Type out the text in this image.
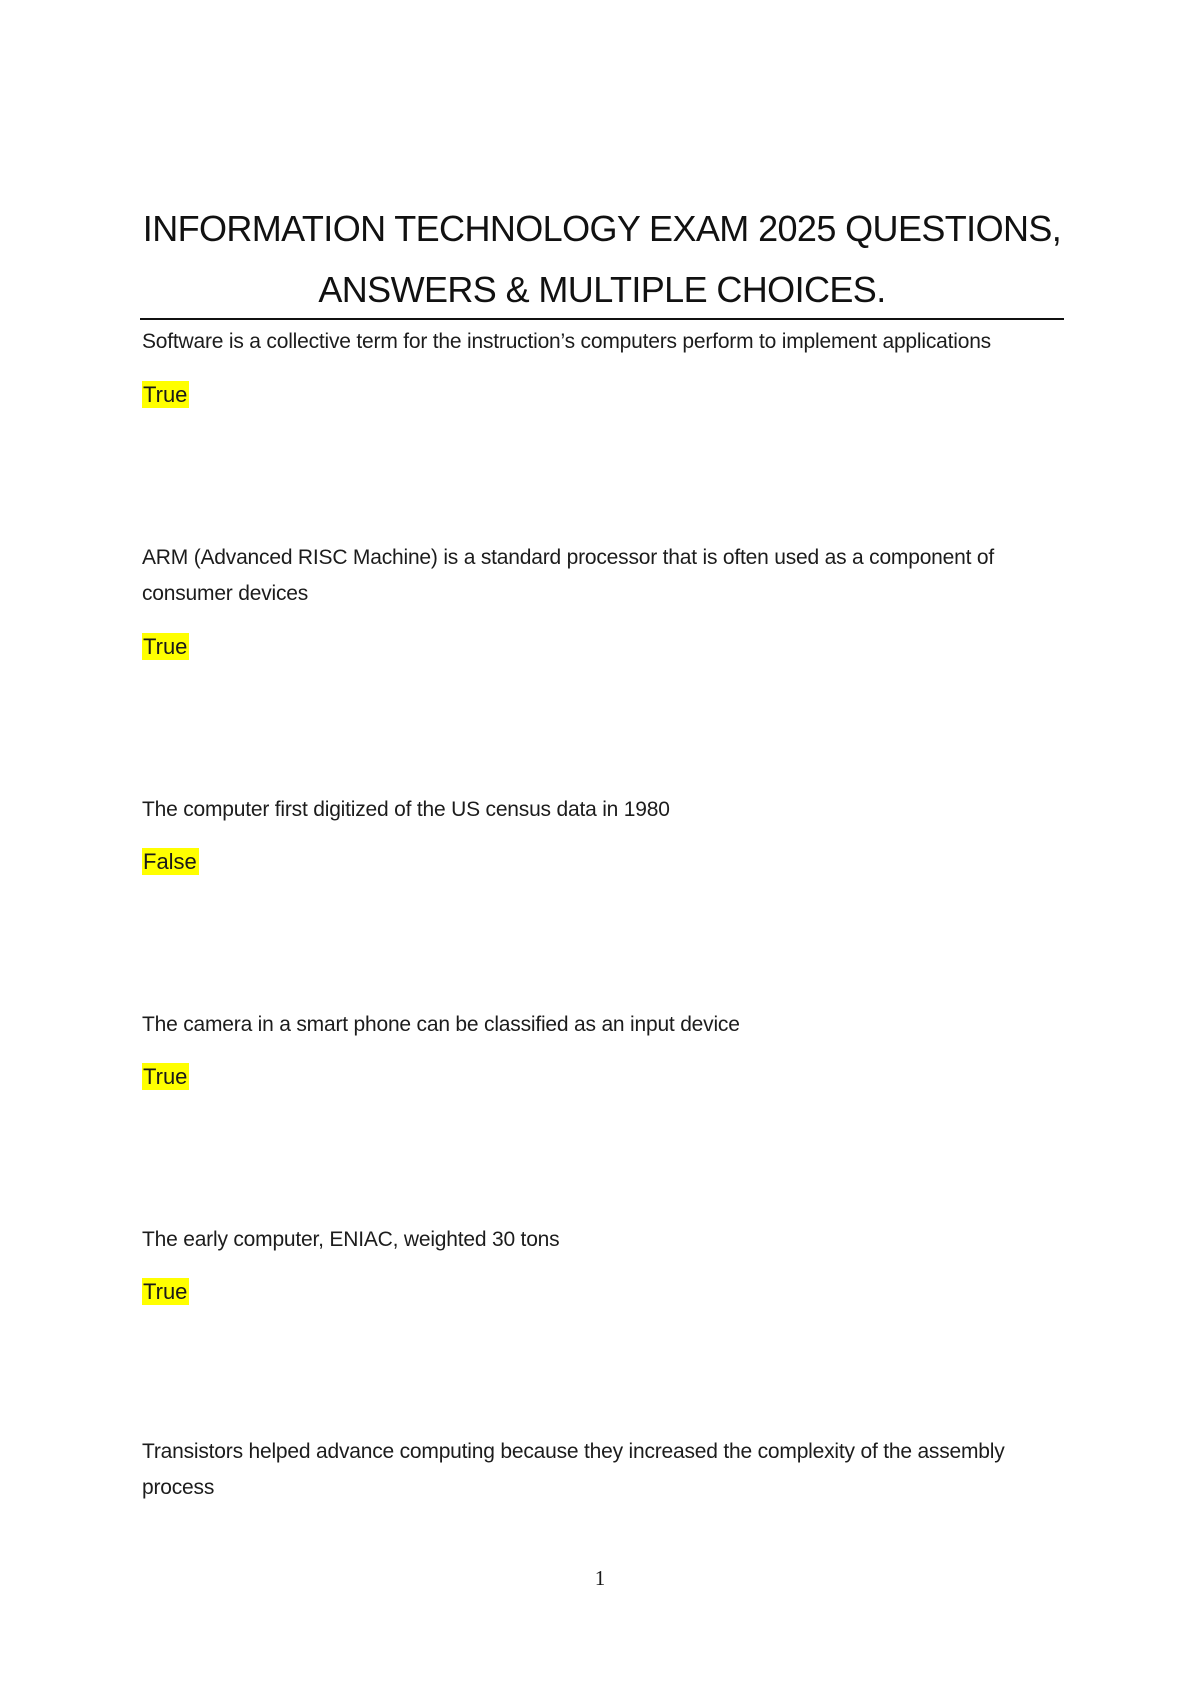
INFORMATION TECHNOLOGY EXAM 2025 QUESTIONS,
ANSWERS & MULTIPLE CHOICES.

Software is a collective term for the instruction’s computers perform to implement applications

True

ARM (Advanced RISC Machine) is a standard processor that is often used as a component of consumer devices

True

The computer first digitized of the US census data in 1980

False

The camera in a smart phone can be classified as an input device

True

The early computer, ENIAC, weighted 30 tons

True

Transistors helped advance computing because they increased the complexity of the assembly process

1
